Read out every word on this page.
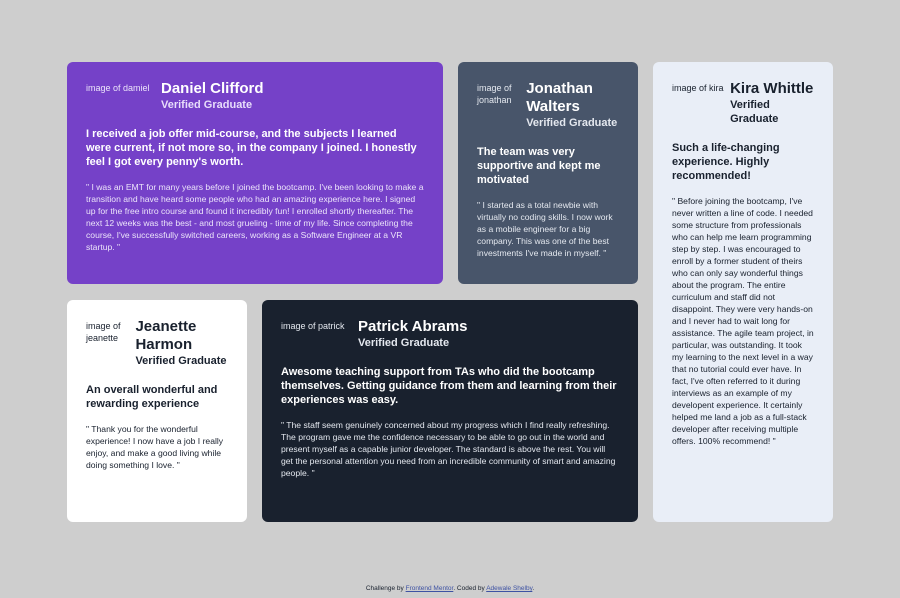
image of damiel Daniel Clifford
Verified Graduate
I received a job offer mid-course, and the subjects I learned were current, if not more so, in the company I joined. I honestly feel I got every penny's worth.
" I was an EMT for many years before I joined the bootcamp. I've been looking to make a transition and have heard some people who had an amazing experience here. I signed up for the free intro course and found it incredibly fun! I enrolled shortly thereafter. The next 12 weeks was the best - and most grueling - time of my life. Since completing the course, I've successfully switched careers, working as a Software Engineer at a VR startup. "
image of jonathan
Jonathan Walters
Verified Graduate
The team was very supportive and kept me motivated
" I started as a total newbie with virtually no coding skills. I now work as a mobile engineer for a big company. This was one of the best investments I've made in myself. "
image of kira Kira Whittle
Verified Graduate
Such a life-changing experience. Highly recommended!
" Before joining the bootcamp, I've never written a line of code. I needed some structure from professionals who can help me learn programming step by step. I was encouraged to enroll by a former student of theirs who can only say wonderful things about the program. The entire curriculum and staff did not disappoint. They were very hands-on and I never had to wait long for assistance. The agile team project, in particular, was outstanding. It took my learning to the next level in a way that no tutorial could ever have. In fact, I've often referred to it during interviews as an example of my developent experience. It certainly helped me land a job as a full-stack developer after receiving multiple offers. 100% recommend! "
image of jeanette
Jeanette Harmon
Verified Graduate
An overall wonderful and rewarding experience
" Thank you for the wonderful experience! I now have a job I really enjoy, and make a good living while doing something I love. "
image of patrick Patrick Abrams
Verified Graduate
Awesome teaching support from TAs who did the bootcamp themselves. Getting guidance from them and learning from their experiences was easy.
" The staff seem genuinely concerned about my progress which I find really refreshing. The program gave me the confidence necessary to be able to go out in the world and present myself as a capable junior developer. The standard is above the rest. You will get the personal attention you need from an incredible community of smart and amazing people. "
Challenge by Frontend Mentor. Coded by Adewale Shelby.
